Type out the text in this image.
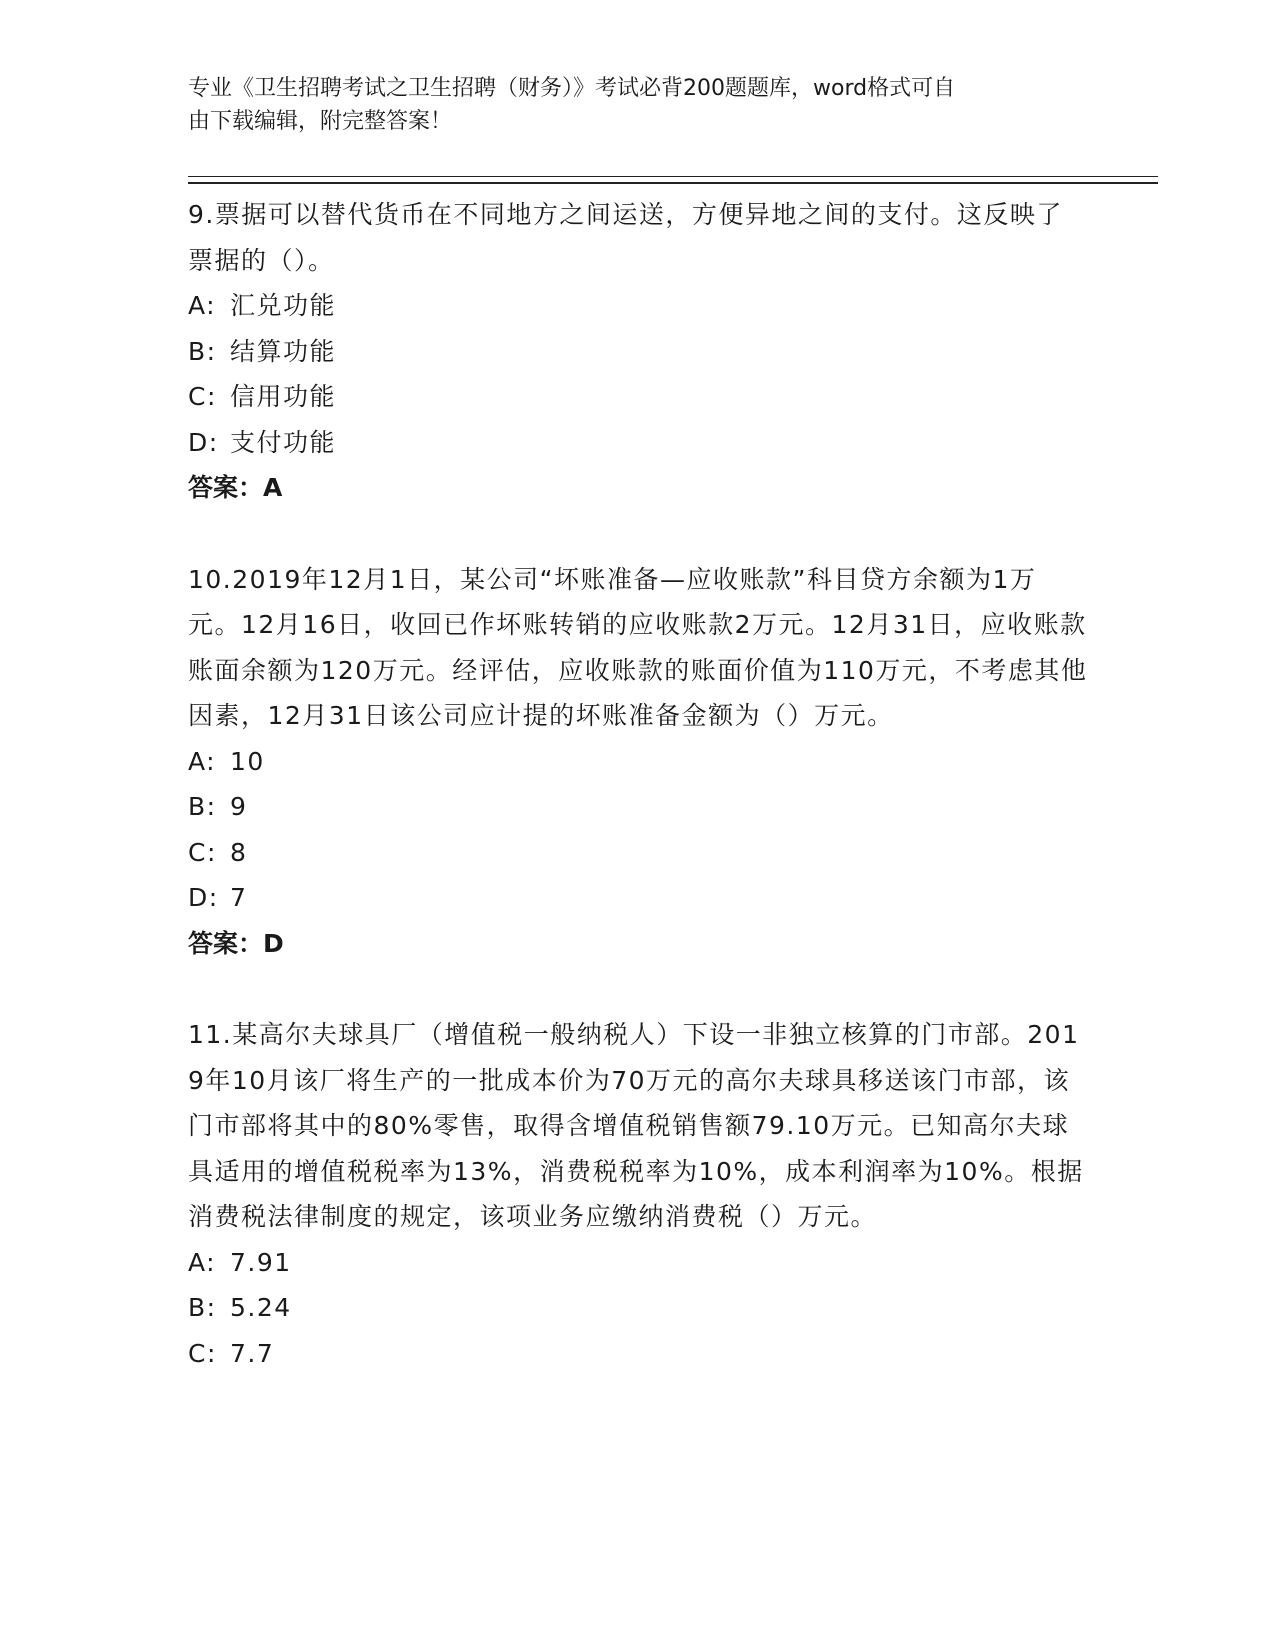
专业《卫生招聘考试之卫生招聘（财务）》考试必背200题题库，word格式可自
由下载编辑，附完整答案！
9.票据可以替代货币在不同地方之间运送，方便异地之间的支付。这反映了票据的（）。
A: 汇兑功能
B: 结算功能
C: 信用功能
D: 支付功能
答案：A
10.2019年12月1日，某公司“坏账准备—应收账款”科目贷方余额为1万元。12月16日，收回已作坏账转销的应收账款2万元。12月31日，应收账款账面余额为120万元。经评估，应收账款的账面价值为110万元，不考虑其他因素，12月31日该公司应计提的坏账准备金额为（）万元。
A: 10
B: 9
C: 8
D: 7
答案：D
11.某高尔夫球具厂（增值税一般纳税人）下设一非独立核算的门市部。2019年10月该厂将生产的一批成本价为70万元的高尔夫球具移送该门市部，该门市部将其中的80%零售，取得含增值税销售额79.10万元。已知高尔夫球具适用的增值税税率为13%，消费税税率为10%，成本利润率为10%。根据消费税法律制度的规定，该项业务应缴纳消费税（）万元。
A: 7.91
B: 5.24
C: 7.7
